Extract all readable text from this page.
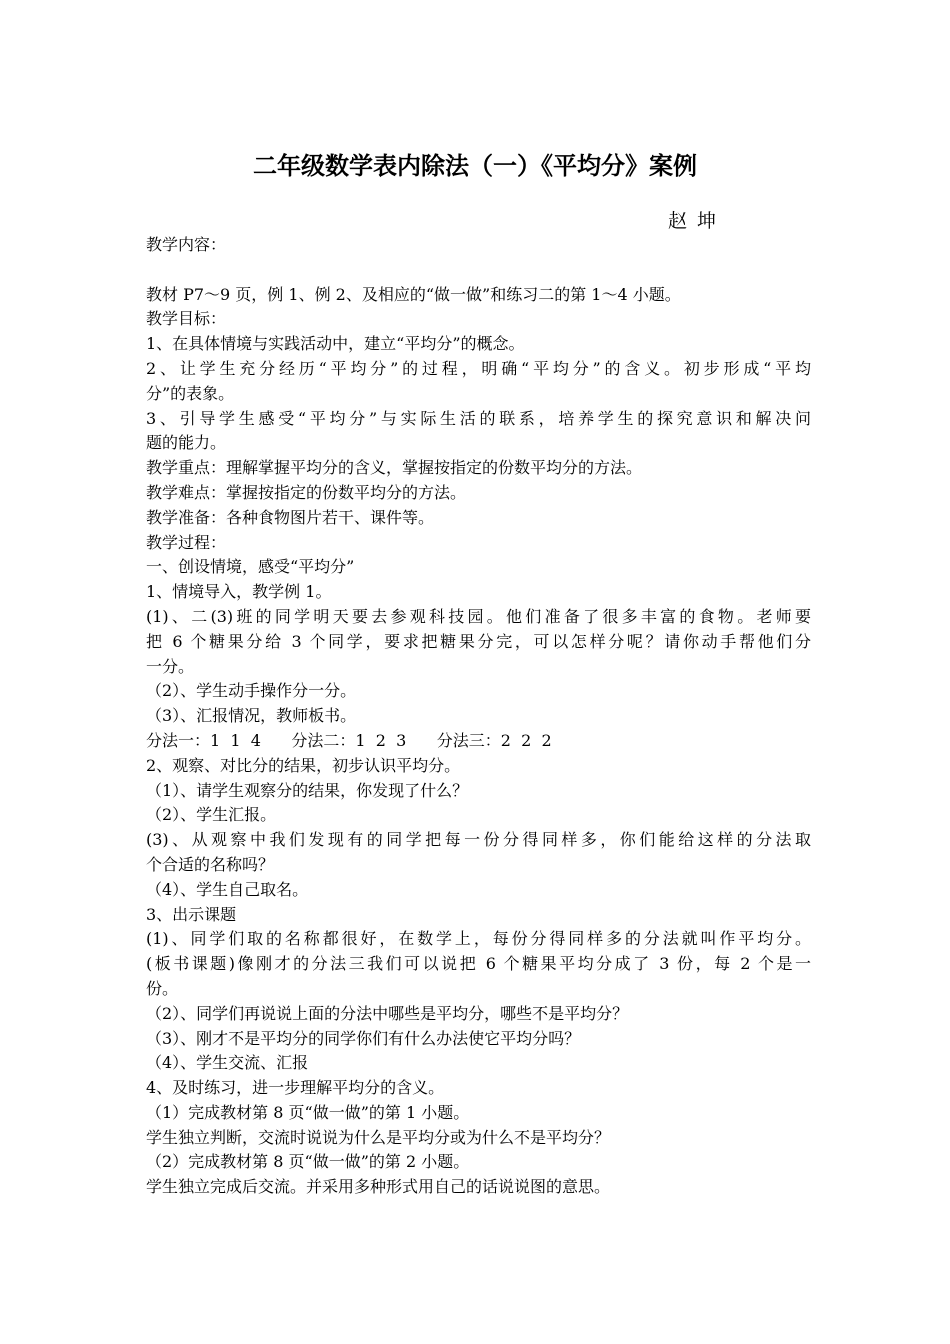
二年级数学表内除法（一）《平均分》案例
赵 坤
教学内容：
教材 P7～9 页，例 1、例 2、及相应的“做一做”和练习二的第 1～4 小题。
教学目标：
1、在具体情境与实践活动中，建立“平均分”的概念。
2、让学生充分经历“平均分”的过程，明确“平均分”的含义。初步形成“平均
分”的表象。
3、引导学生感受“平均分”与实际生活的联系，培养学生的探究意识和解决问
题的能力。
教学重点：理解掌握平均分的含义，掌握按指定的份数平均分的方法。
教学难点：掌握按指定的份数平均分的方法。
教学准备：各种食物图片若干、课件等。
教学过程：
一、创设情境，感受“平均分”
1、情境导入，教学例 1。
(1)、二(3)班的同学明天要去参观科技园。他们准备了很多丰富的食物。老师要
把 6 个糖果分给 3 个同学，要求把糖果分完，可以怎样分呢？请你动手帮他们分
一分。
（2）、学生动手操作分一分。
（3）、汇报情况，教师板书。
分法一：1  1  4      分法二：1  2  3      分法三：2  2  2
2、观察、对比分的结果，初步认识平均分。
（1）、请学生观察分的结果，你发现了什么？
（2）、学生汇报。
(3)、从观察中我们发现有的同学把每一份分得同样多，你们能给这样的分法取
个合适的名称吗？
（4）、学生自己取名。
3、出示课题
(1)、同学们取的名称都很好，在数学上，每份分得同样多的分法就叫作平均分。
(板书课题)像刚才的分法三我们可以说把 6 个糖果平均分成了 3 份，每 2 个是一
份。
（2）、同学们再说说上面的分法中哪些是平均分，哪些不是平均分？
（3）、刚才不是平均分的同学你们有什么办法使它平均分吗？
（4）、学生交流、汇报
4、及时练习，进一步理解平均分的含义。
（1）完成教材第 8 页“做一做”的第 1 小题。
学生独立判断，交流时说说为什么是平均分或为什么不是平均分？
（2）完成教材第 8 页“做一做”的第 2 小题。
学生独立完成后交流。并采用多种形式用自己的话说说图的意思。
